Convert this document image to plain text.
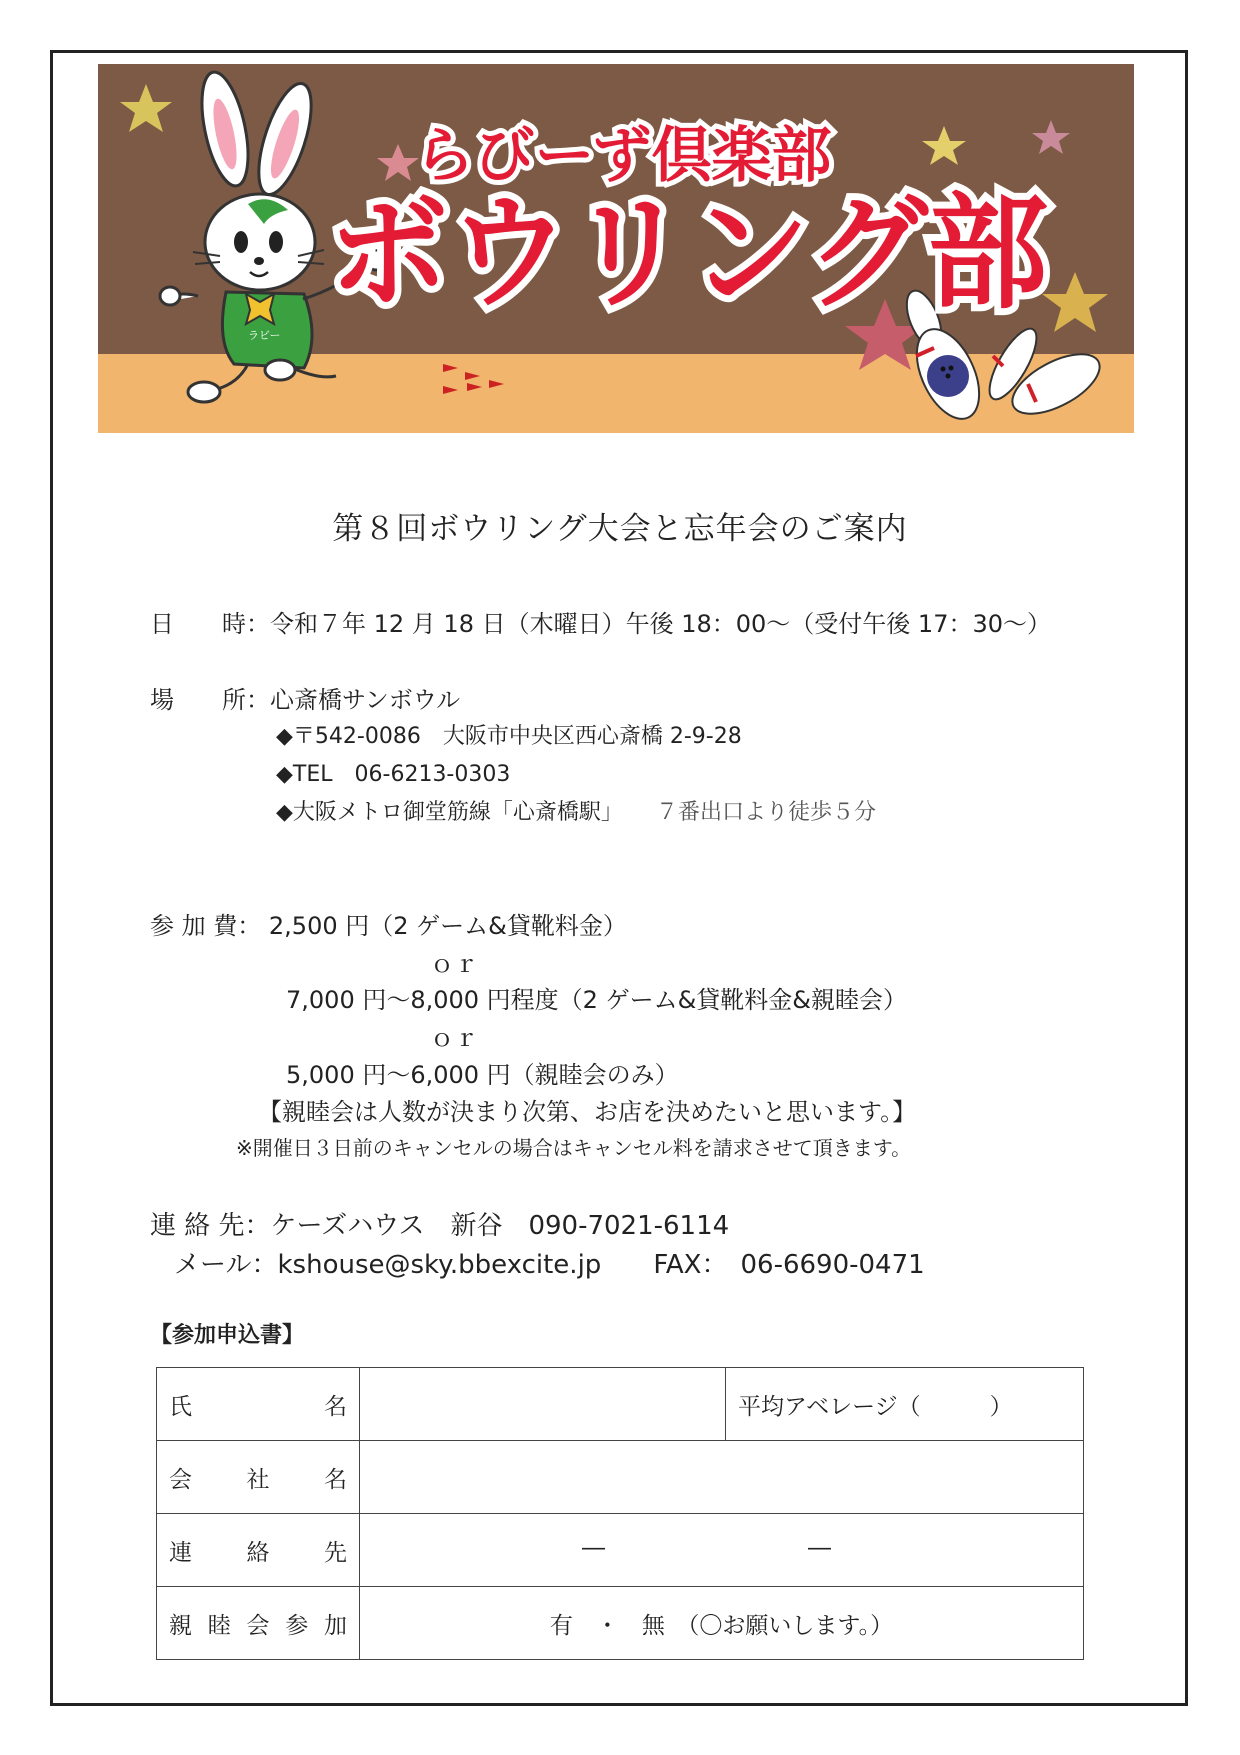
ラビー
らびーず倶楽部
ボウリング部
第８回ボウリング大会と忘年会のご案内
日　　時：令和７年 12 月 18 日（木曜日）午後 18：00～（受付午後 17：30～）
場　　所：心斎橋サンボウル
◆〒542-0086　大阪市中央区西心斎橋 2-9-28
◆TEL　06-6213-0303
◆大阪メトロ御堂筋線「心斎橋駅」　　 ７番出口より徒歩５分
参 加 費： 2,500 円（2 ゲーム&貸靴料金）
ｏｒ
7,000 円～8,000 円程度（2 ゲーム&貸靴料金&親睦会）
ｏｒ
5,000 円～6,000 円（親睦会のみ）
【親睦会は人数が決まり次第、お店を決めたいと思います。】
※開催日３日前のキャンセルの場合はキャンセル料を請求させて頂きます。
連 絡 先：ケーズハウス　新谷　090-7021-6114
メール：kshouse@sky.bbexcite.jp　　 FAX：　06-6690-0471
【参加申込書】
氏 名		平均アベレージ（　　　）

会 社 名		

連 絡 先	― ―	

親 睦 会 参 加	有　・　無　（〇お願いします。）	
